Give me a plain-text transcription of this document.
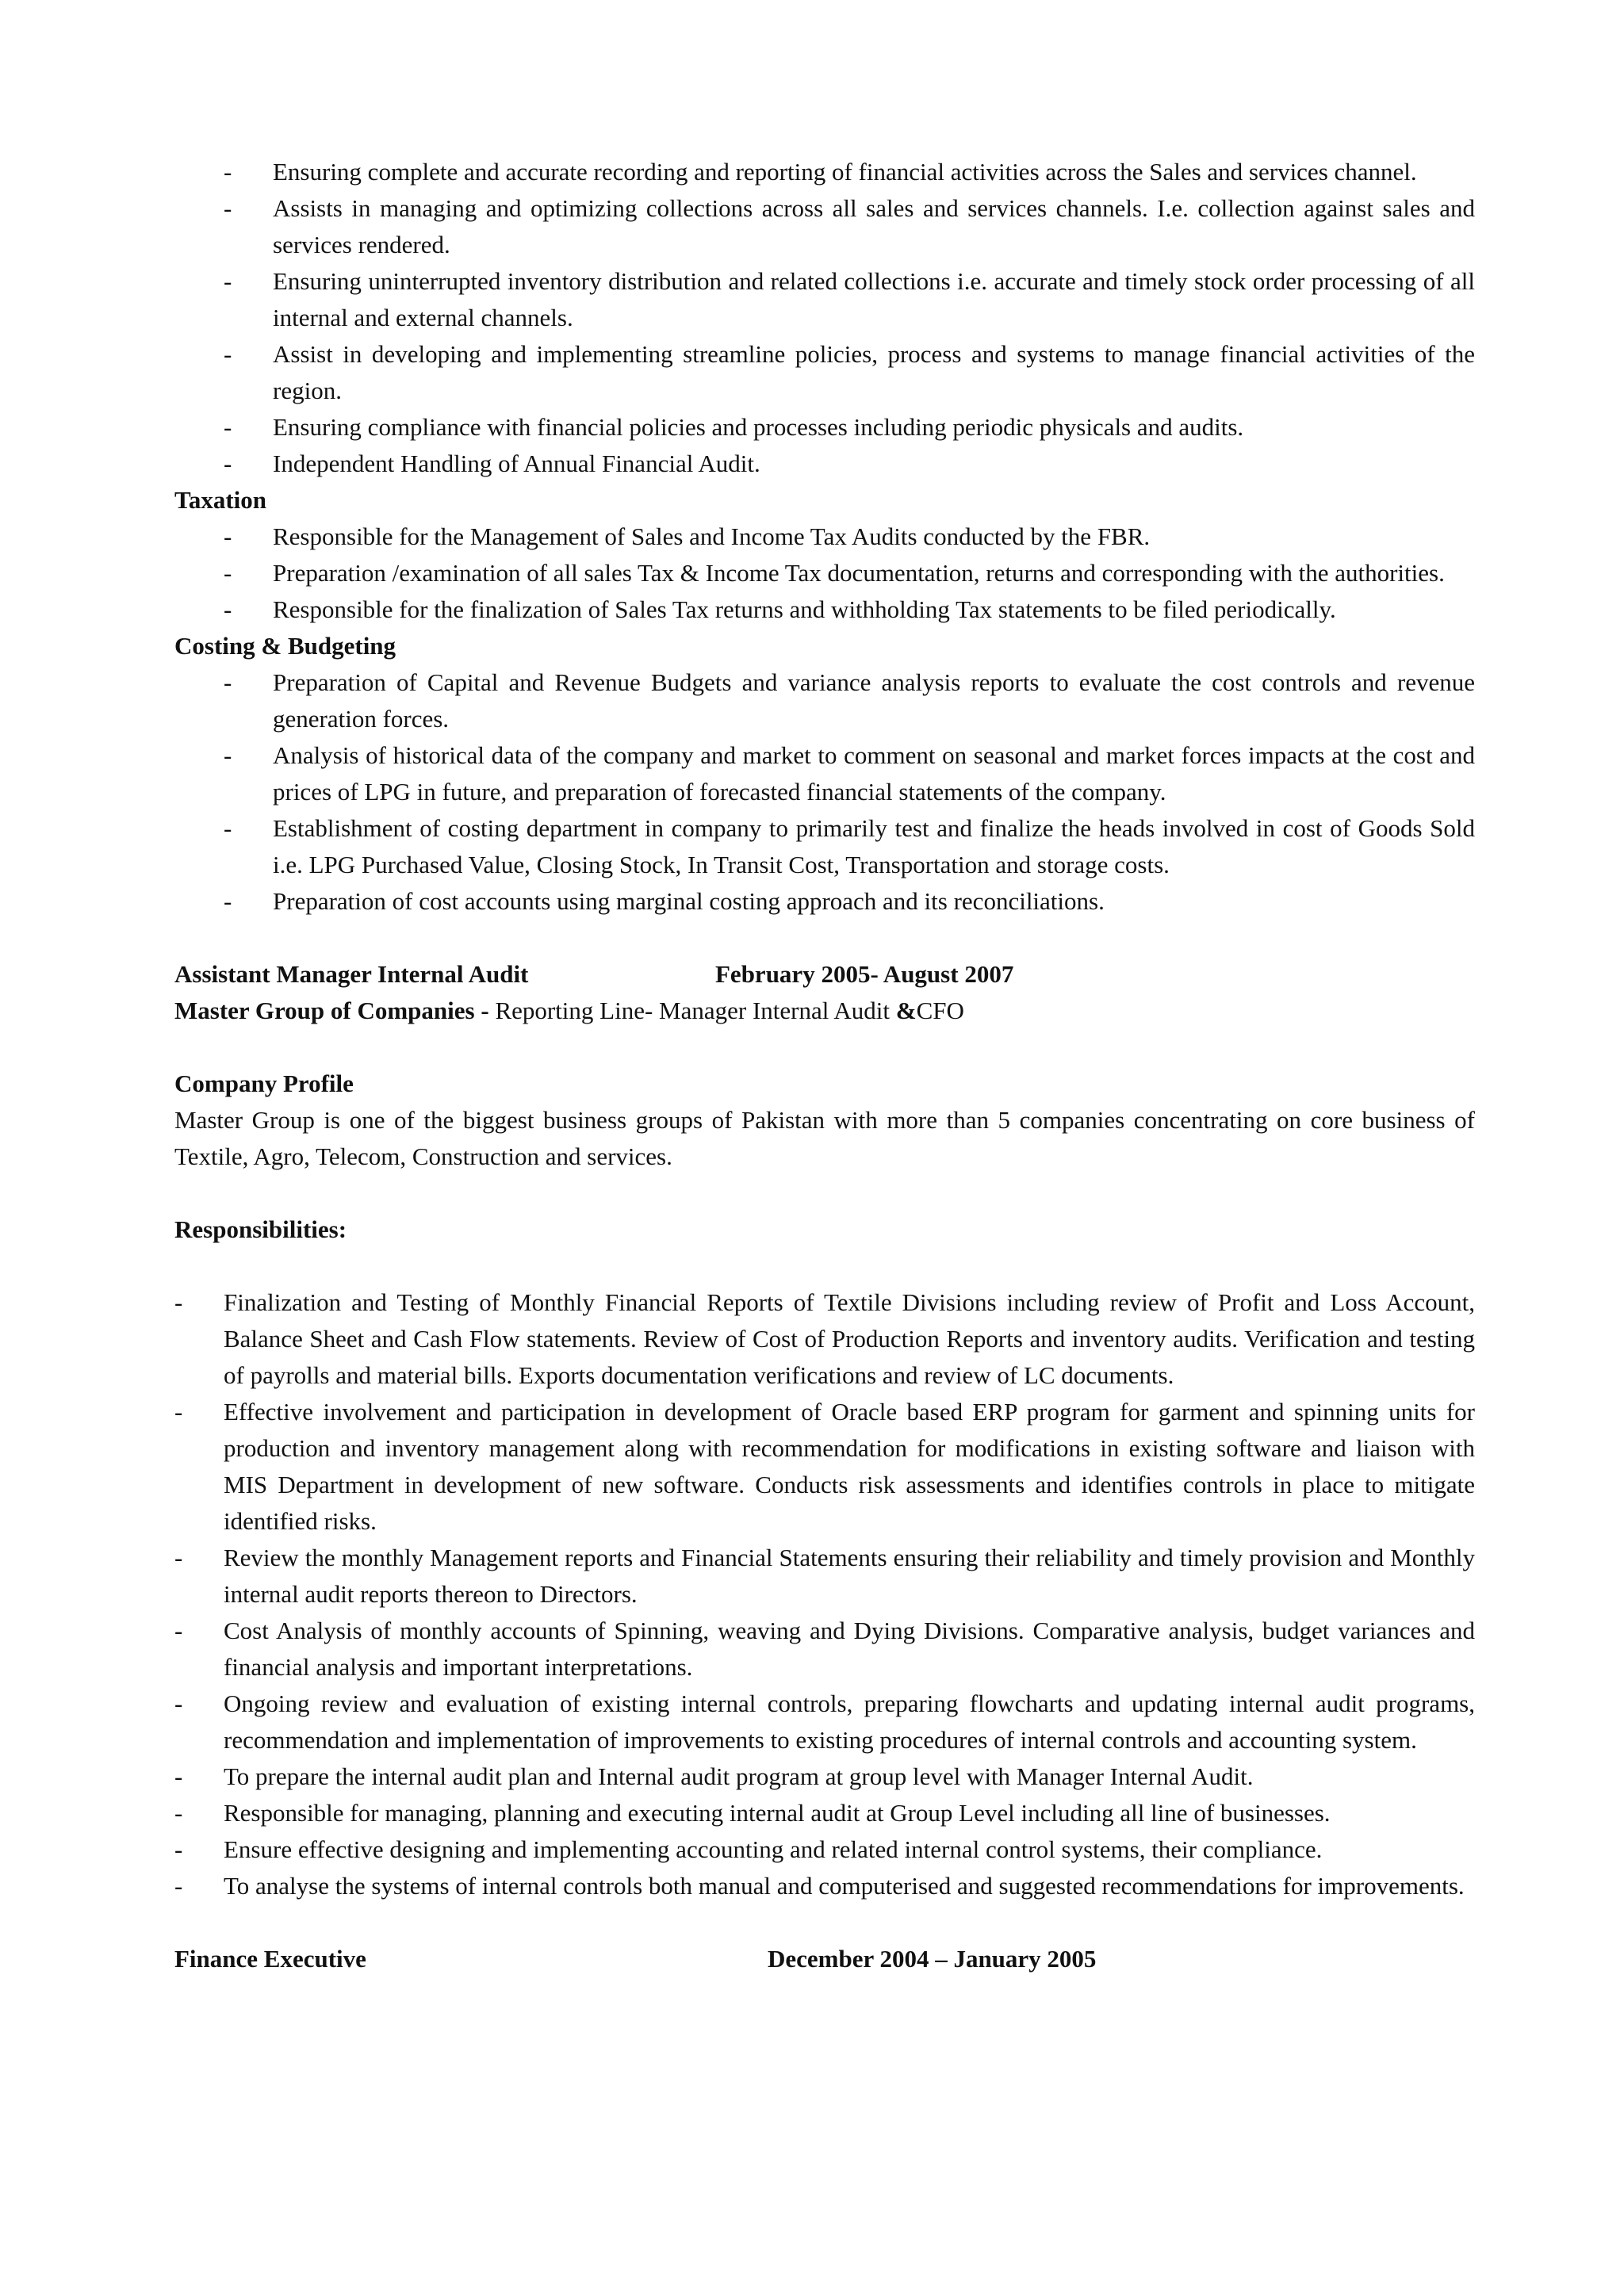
- Ensuring complete and accurate recording and reporting of financial activities across the Sales and services channel.
- Assists in managing and optimizing collections across all sales and services channels. I.e. collection against sales and services rendered.
- Ensuring uninterrupted inventory distribution and related collections i.e. accurate and timely stock order processing of all internal and external channels.
- Assist in developing and implementing streamline policies, process and systems to manage financial activities of the region.
- Ensuring compliance with financial policies and processes including periodic physicals and audits.
- Independent Handling of Annual Financial Audit.

Taxation

- Responsible for the Management of Sales and Income Tax Audits conducted by the FBR.
- Preparation /examination of all sales Tax & Income Tax documentation, returns and corresponding with the authorities.
- Responsible for the finalization of Sales Tax returns and withholding Tax statements to be filed periodically.

Costing & Budgeting

- Preparation of Capital and Revenue Budgets and variance analysis reports to evaluate the cost controls and revenue generation forces.
- Analysis of historical data of the company and market to comment on seasonal and market forces impacts at the cost and prices of LPG in future, and preparation of forecasted financial statements of the company.
- Establishment of costing department in company to primarily test and finalize the heads involved in cost of Goods Sold i.e. LPG Purchased Value, Closing Stock, In Transit Cost, Transportation and storage costs.
- Preparation of cost accounts using marginal costing approach and its reconciliations.
Assistant Manager Internal Audit	February 2005- August 2007
Master Group of Companies - Reporting Line- Manager Internal Audit &CFO

Company Profile

Master Group is one of the biggest business groups of Pakistan with more than 5 companies concentrating on core business of Textile, Agro, Telecom, Construction and services.

Responsibilities:

- Finalization and Testing of Monthly Financial Reports of Textile Divisions including review of Profit and Loss Account, Balance Sheet and Cash Flow statements. Review of Cost of Production Reports and inventory audits. Verification and testing of payrolls and material bills. Exports documentation verifications and review of LC documents.
- Effective involvement and participation in development of Oracle based ERP program for garment and spinning units for production and inventory management along with recommendation for modifications in existing software and liaison with MIS Department in development of new software. Conducts risk assessments and identifies controls in place to mitigate identified risks.
- Review the monthly Management reports and Financial Statements ensuring their reliability and timely provision and Monthly internal audit reports thereon to Directors.
- Cost Analysis of monthly accounts of Spinning, weaving and Dying Divisions. Comparative analysis, budget variances and financial analysis and important interpretations.
- Ongoing review and evaluation of existing internal controls, preparing flowcharts and updating internal audit programs, recommendation and implementation of improvements to existing procedures of internal controls and accounting system.
- To prepare the internal audit plan and Internal audit program at group level with Manager Internal Audit.
- Responsible for managing, planning and executing internal audit at Group Level including all line of businesses.
- Ensure effective designing and implementing accounting and related internal control systems, their compliance.
- To analyse the systems of internal controls both manual and computerised and suggested recommendations for improvements.
Finance Executive	December 2004 – January 2005
